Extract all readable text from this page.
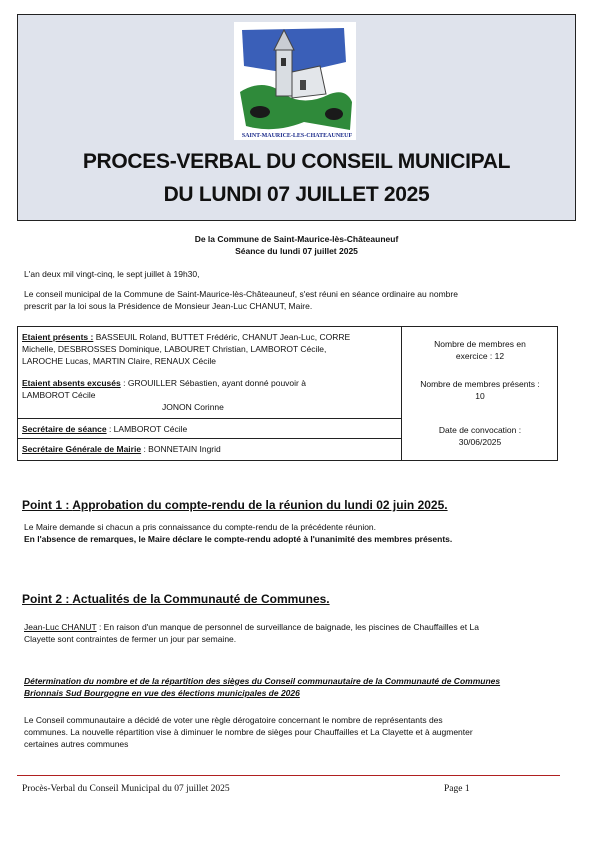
SAINT-MAURICE-LES-CHATEAUNEUF
PROCES-VERBAL DU CONSEIL MUNICIPAL
DU LUNDI 07 JUILLET 2025
De la Commune de Saint-Maurice-lès-Châteauneuf
Séance du lundi 07 juillet 2025
L'an deux mil vingt-cinq, le sept juillet à 19h30,
Le conseil municipal de la Commune de Saint-Maurice-lès-Châteauneuf, s'est réuni en séance ordinaire au nombre
prescrit par la loi sous la Présidence de Monsieur Jean-Luc CHANUT, Maire.
Etaient présents : BASSEUIL Roland, BUTTET Frédéric, CHANUT Jean-Luc, CORRE
Michelle, DESBROSSES Dominique, LABOURET Christian, LAMBOROT Cécile,
LAROCHE Lucas, MARTIN Claire, RENAUX Cécile
Etaient absents excusés : GROUILLER Sébastien, ayant donné pouvoir à
LAMBOROT Cécile
JONON Corinne
Secrétaire de séance : LAMBOROT Cécile
Secrétaire Générale de Mairie : BONNETAIN Ingrid
Nombre de membres en
exercice : 12
Nombre de membres présents :
10
Date de convocation :
30/06/2025
Point 1 : Approbation du compte-rendu de la réunion du lundi 02 juin 2025.
Le Maire demande si chacun a pris connaissance du compte-rendu de la précédente réunion.
En l'absence de remarques, le Maire déclare le compte-rendu adopté à l'unanimité des membres présents.
Point 2 : Actualités de la Communauté de Communes.
Jean-Luc CHANUT : En raison d'un manque de personnel de surveillance de baignade, les piscines de Chauffailles et La
Clayette sont contraintes de fermer un jour par semaine.
Détermination du nombre et de la répartition des sièges du Conseil communautaire de la Communauté de Communes
Brionnais Sud Bourgogne en vue des élections municipales de 2026
Le Conseil communautaire a décidé de voter une règle dérogatoire concernant le nombre de représentants des
communes. La nouvelle répartition vise à diminuer le nombre de sièges pour Chauffailles et La Clayette et à augmenter
certaines autres communes
Procès-Verbal du Conseil Municipal du 07 juillet 2025	Page 1
